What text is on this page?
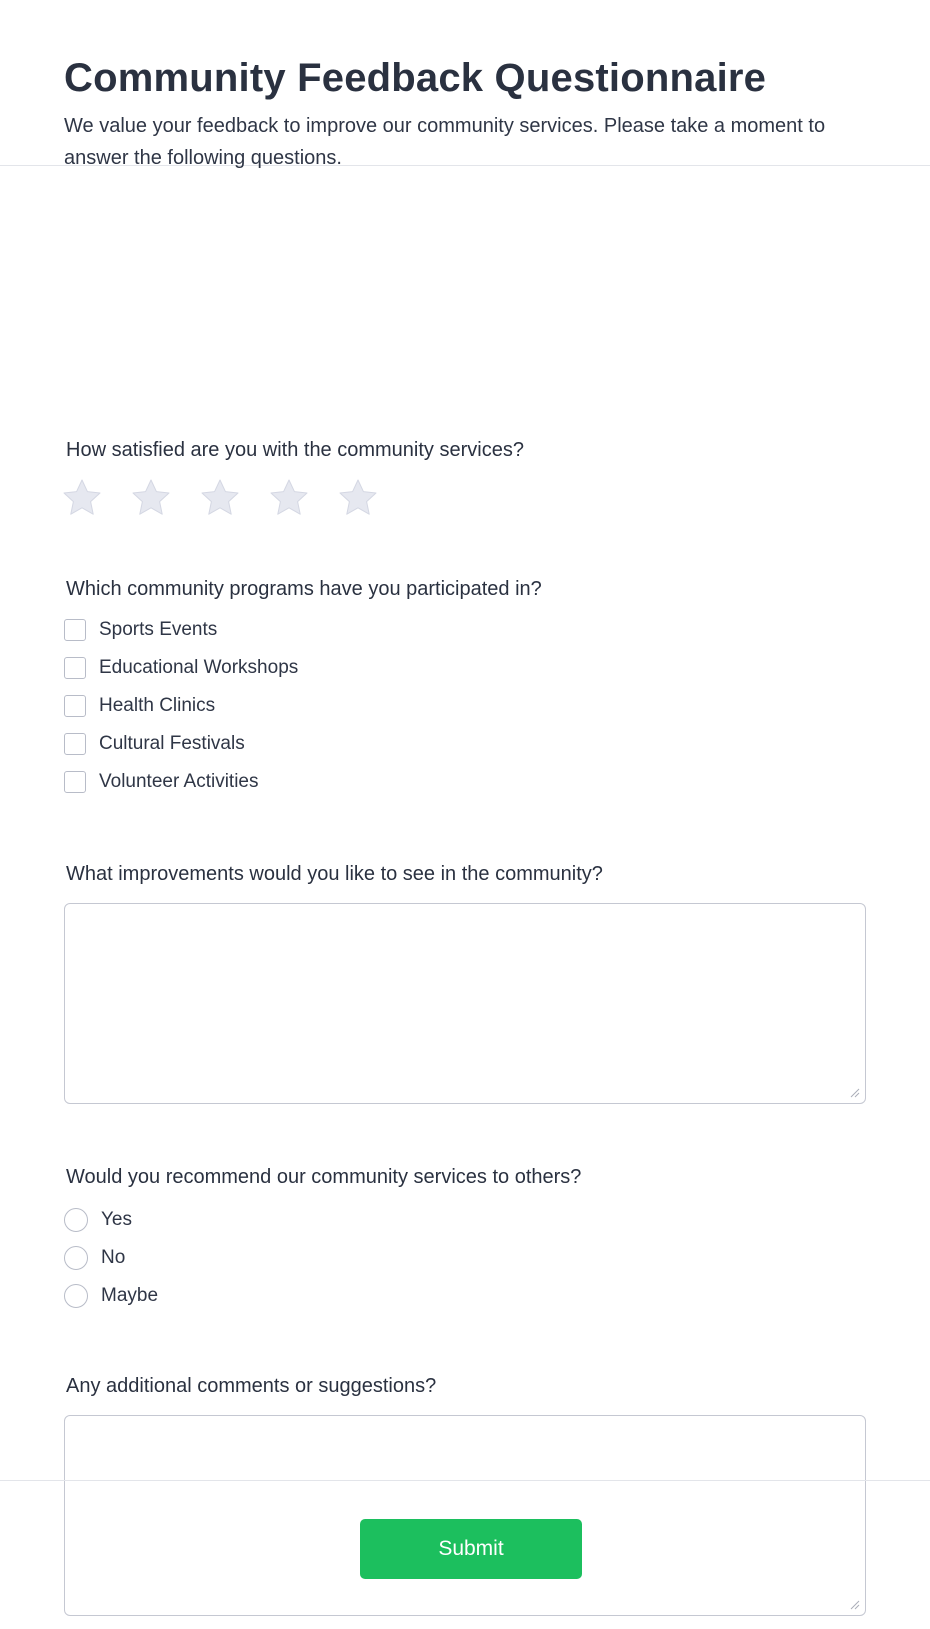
Community Feedback Questionnaire

We value your feedback to improve our community services. Please take a moment to answer the following questions.

How satisfied are you with the community services?
Which community programs have you participated in?
Sports Events
Educational Workshops
Health Clinics
Cultural Festivals
Volunteer Activities
What improvements would you like to see in the community?
Would you recommend our community services to others?
Yes
No
Maybe
Any additional comments or suggestions?
Submit
